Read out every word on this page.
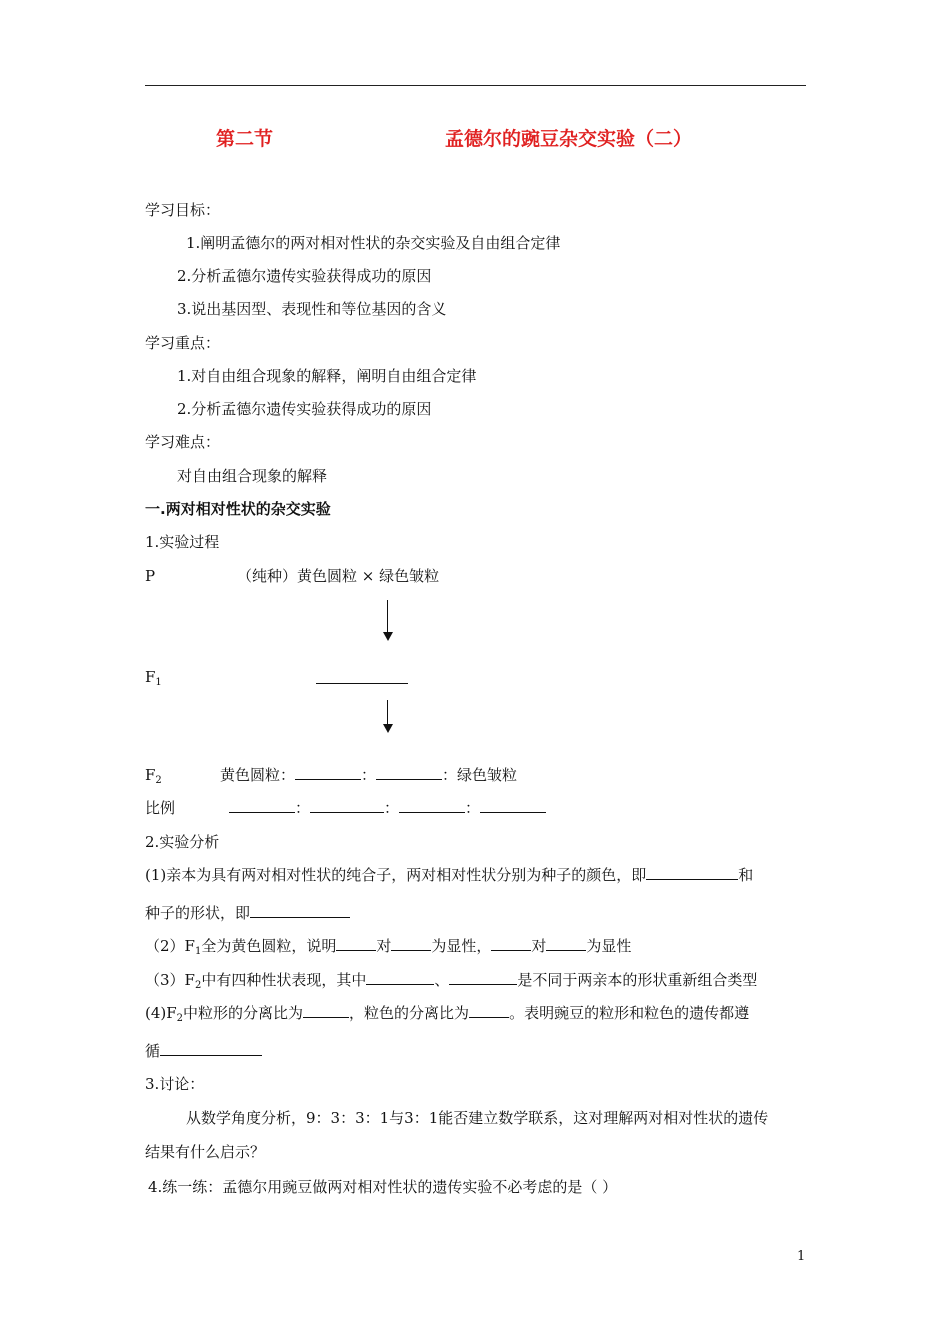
第二节	孟德尔的豌豆杂交实验（二）
学习目标：
1.阐明孟德尔的两对相对性状的杂交实验及自由组合定律
2.分析孟德尔遗传实验获得成功的原因
3.说出基因型、表现性和等位基因的含义
学习重点：
1.对自由组合现象的解释，阐明自由组合定律
2.分析孟德尔遗传实验获得成功的原因
学习难点：
对自由组合现象的解释
一.两对相对性状的杂交实验
1.实验过程
P	（纯种）黄色圆粒 × 绿色皱粒
$F_1$
$F_2$	黄色圆粒：	：	：绿色皱粒
比例	：	：	：
2.实验分析
(1)亲本为具有两对相对性状的纯合子，两对相对性状分别为种子的颜色，即	和
种子的形状，即
$(2)F_1$全为黄色圆粒，说明	对	为显性，	对	为显性
$(3)F_2$中有四种性状表现，其中	、	是不同于两亲本的形状重新组合类型
$(4)F_2$中粒形的分离比为	，粒色的分离比为	。表明豌豆的粒形和粒色的遗传都遵
循
3.讨论：
从数学角度分析，9：3：3：1与3：1能否建立数学联系，这对理解两对相对性状的遗传
结果有什么启示？
4.练一练：孟德尔用豌豆做两对相对性状的遗传实验不必考虑的是（ ）
1
